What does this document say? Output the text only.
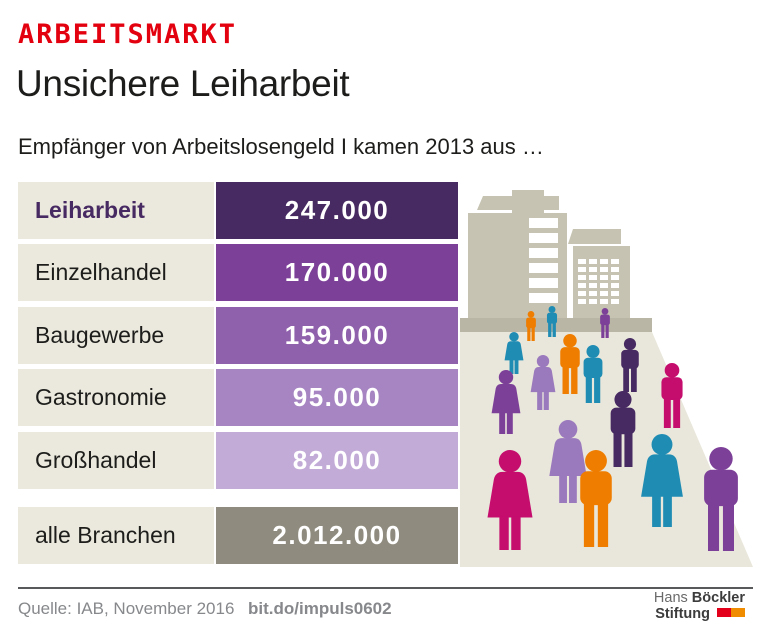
ARBEITSMARKT
Unsichere Leiharbeit
Empfänger von Arbeitslosengeld I kamen 2013 aus …
Leiharbeit	247.000
Einzelhandel	170.000
Baugewerbe	159.000
Gastronomie	95.000
Großhandel	82.000
alle Branchen	2.012.000
Quelle: IAB, November 2016 bit.do/impuls0602
Hans Böckler
Stiftung
